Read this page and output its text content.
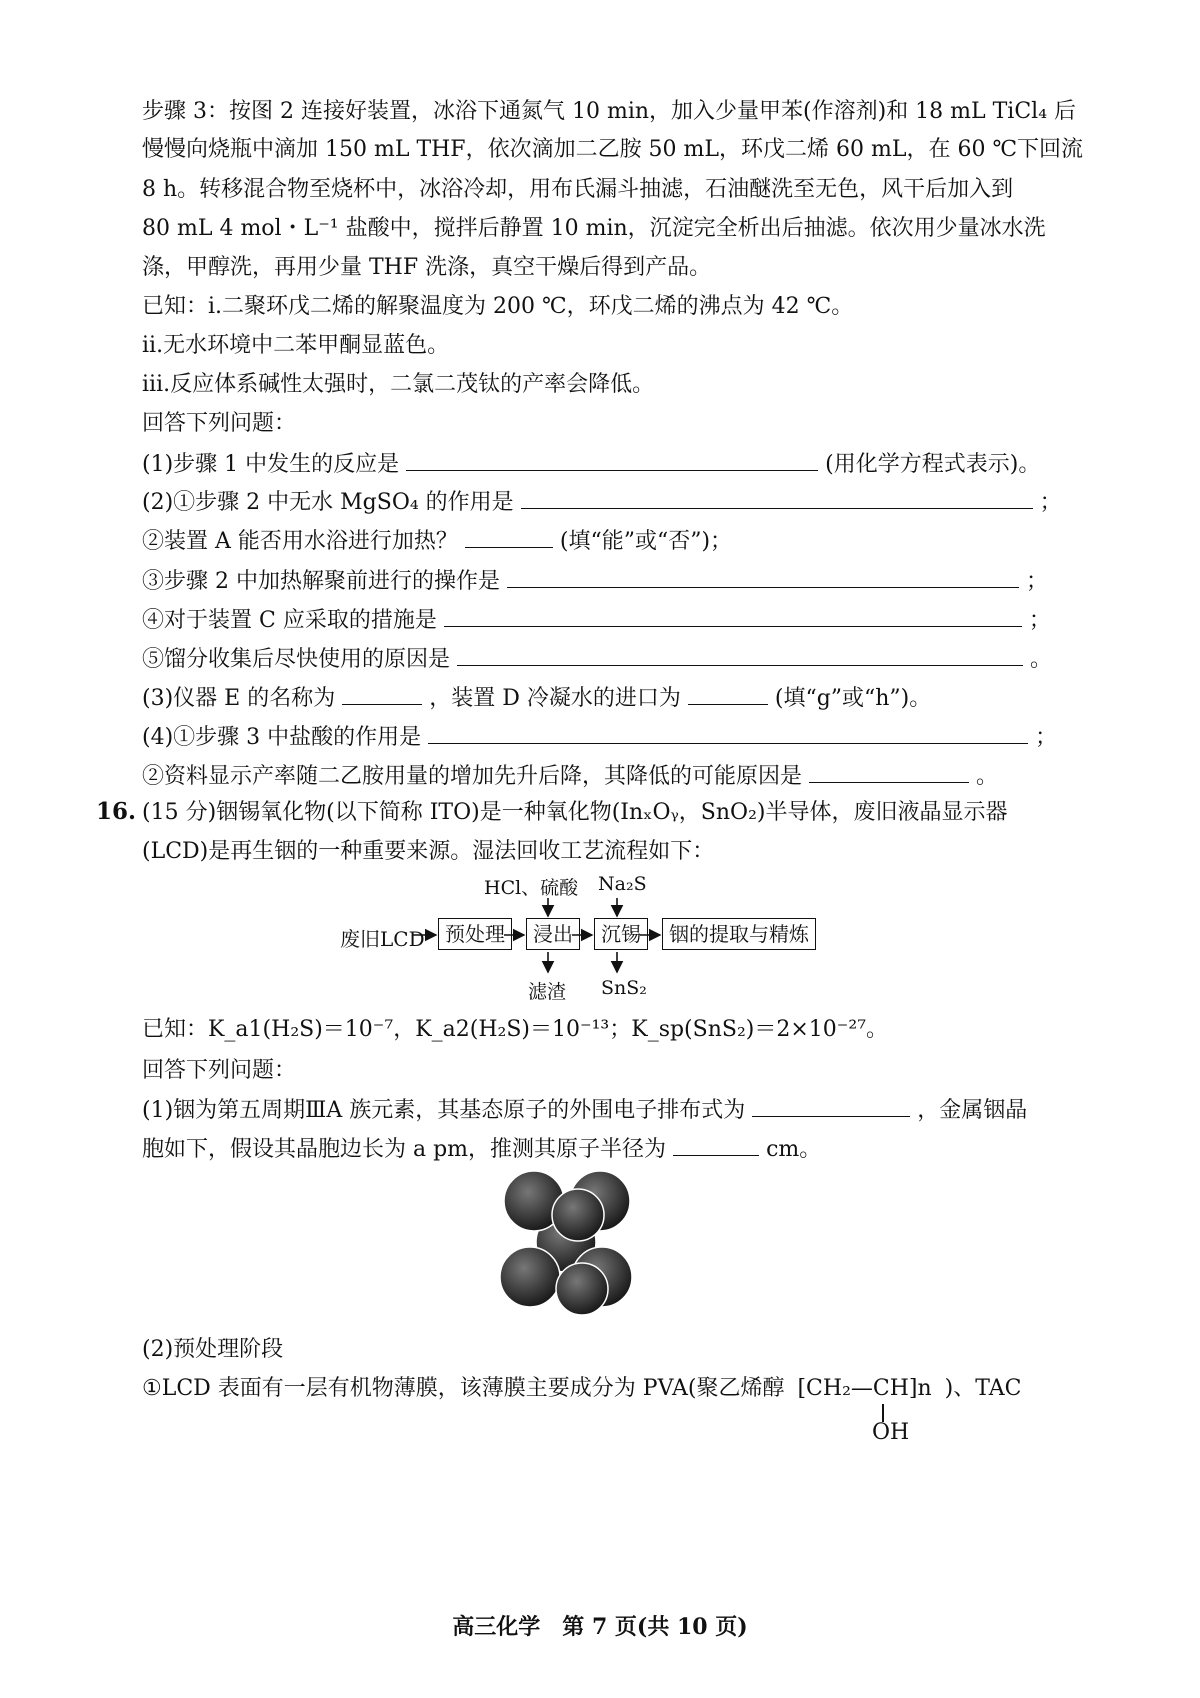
步骤 3：按图 2 连接好装置，冰浴下通氮气 10 min，加入少量甲苯(作溶剂)和 18 mL TiCl₄ 后
慢慢向烧瓶中滴加 150 mL THF，依次滴加二乙胺 50 mL，环戊二烯 60 mL，在 60 ℃下回流
8 h。转移混合物至烧杯中，冰浴冷却，用布氏漏斗抽滤，石油醚洗至无色，风干后加入到
80 mL 4 mol・L⁻¹ 盐酸中，搅拌后静置 10 min，沉淀完全析出后抽滤。依次用少量冰水洗
涤，甲醇洗，再用少量 THF 洗涤，真空干燥后得到产品。
已知：ⅰ.二聚环戊二烯的解聚温度为 200 ℃，环戊二烯的沸点为 42 ℃。
ⅱ.无水环境中二苯甲酮显蓝色。
ⅲ.反应体系碱性太强时，二氯二茂钛的产率会降低。
回答下列问题：
(1)步骤 1 中发生的反应是	(用化学方程式表示)。
(2)①步骤 2 中无水 MgSO₄ 的作用是	；
②装置 A 能否用水浴进行加热？	(填“能”或“否”)；
③步骤 2 中加热解聚前进行的操作是	；
④对于装置 C 应采取的措施是	；
⑤馏分收集后尽快使用的原因是	。
(3)仪器 E 的名称为	，装置 D 冷凝水的进口为	(填“g”或“h”)。
(4)①步骤 3 中盐酸的作用是	；
②资料显示产率随二乙胺用量的增加先升后降，其降低的可能原因是	。
16. (15 分)铟锡氧化物(以下简称 ITO)是一种氧化物(InₓOᵧ，SnO₂)半导体，废旧液晶显示器
(LCD)是再生铟的一种重要来源。湿法回收工艺流程如下：
HCl、硫酸 Na₂S
废旧LCD	预处理	浸出	沉锡	铟的提取与精炼
滤渣 SnS₂
已知：K_a1(H₂S)＝10⁻⁷，K_a2(H₂S)＝10⁻¹³；K_sp(SnS₂)＝2×10⁻²⁷。
回答下列问题：
(1)铟为第五周期ⅢA 族元素，其基态原子的外围电子排布式为	，金属铟晶
胞如下，假设其晶胞边长为 a pm，推测其原子半径为	cm。
(2)预处理阶段
①LCD 表面有一层有机物薄膜，该薄膜主要成分为 PVA(聚乙烯醇 [CH₂—CH]n )、TAC
OH
高三化学　第 7 页(共 10 页)
